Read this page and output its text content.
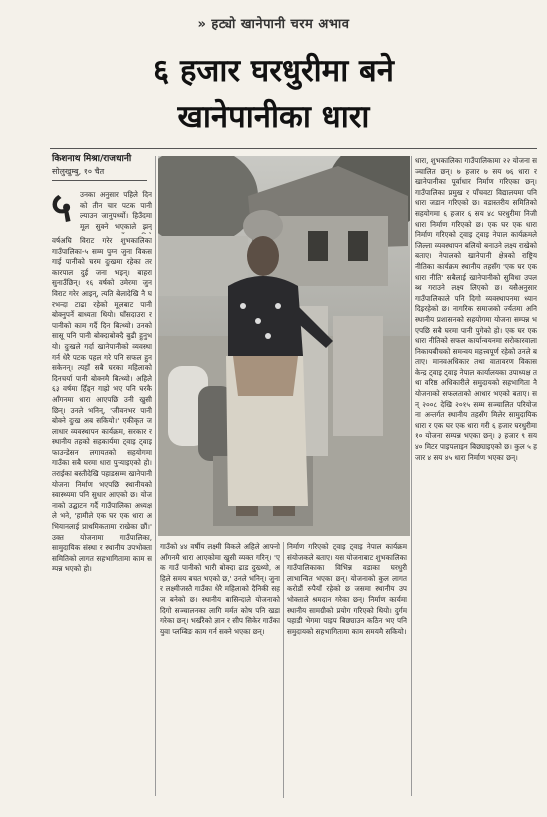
» हट्यो खानेपानी चरम अभाव
६ हजार घरधुरीमा बने
खानेपानीका धारा
किशनाथ मिश्रा/राजधानी
सोलुखुम्बु, १० चैत
५ उनका अनुसार पहिले दिनको तीन चार पटक पानी ल्याउन जानुपर्थ्यो। हिउँदमा मूल सुक्ने भएकाले झन्
वर्षअघि विराट गरेर शुभकालिका गाउँपालिका-५ सम्म पुग्न जुना विकसगाई पानीको चरम दुःखमा रहेका तरकारपाल दुई जना भइन्। बाहरा सुनाउँछिन्। १६ वर्षको उमेरमा जुन विराट गरेर आइन्, त्यति बेलादेखि नै घरभन्दा टाढा रहेको मूलबाट पानी बोक्नुपर्ने बाध्यता थियो। घाँसदाउरा र पानीको काम गर्दै दिन बित्थ्यो। उनको सासू पनि पानी बोक्दाबोक्दै बुढी हुनुभयो। दुःखले गर्दा खानेपानीको व्यवस्था गर्न धेरै पटक पहल गरे पनि सफल हुन सकेनन्। त्यहाँ सबै घरका महिलाको दिनचर्या पानी बोक्नमै बित्थ्यो। अहिले ६३ वर्षमा हिँड्न गाह्रो भए पनि घरकै आँगनमा धारा आएपछि उनी खुसी छिन्। उनले भनिन्, 'जीवनभर पानी बोक्ने दुःख अब सकियो।' एकीकृत जलाधार व्यवस्थापन कार्यक्रम, सरकार र स्थानीय तहको सहकार्यमा ट्वाइ ट्वाइ फाउन्डेसन लगायतको सहयोगमा गाउँका सबै घरमा धारा पुर्‍याइएको हो। तराईका बस्तीदेखि पहाडसम्म खानेपानी योजना निर्माण भएपछि स्थानीयको स्वास्थ्यमा पनि सुधार आएको छ। योजनाको उद्घाटन गर्दै गाउँपालिका अध्यक्षले भने, 'हामीले एक घर एक धारा अभियानलाई प्राथमिकतामा राखेका छौं।' उक्त योजनामा गाउँपालिका, सामुदायिक संस्था र स्थानीय उपभोक्ता समितिको लागत सहभागितामा काम सम्पन्न भएको हो।
गाउँको ४४ वर्षीय लक्ष्मी विकले अहिले आफ्नो आँगनमै धारा आएकोमा खुसी व्यक्त गरिन्। 'एक गाउँ पानीको भारी बोक्दा ढाड दुख्थ्यो, अहिले समय बचत भएको छ,' उनले भनिन्। जुना र लक्ष्मीजस्तै गाउँका धेरै महिलाको दैनिकी सहज बनेको छ। स्थानीय बासिन्दाले योजनाको दिगो सञ्चालनका लागि मर्मत कोष पनि खडा गरेका छन्। भर्खरैको ज्ञान र सीप सिकेर गाउँका युवा प्लम्बिङ काम गर्न सक्ने भएका छन्।
निर्माण गरिएको ट्वाइ ट्वाइ नेपाल कार्यक्रम संयोजकले बताए। यस योजनाबाट शुभकालिका गाउँपालिकाका विभिन्न वडाका घरधुरी लाभान्वित भएका छन्। योजनाको कुल लागत करोडौं रुपैयाँ रहेको छ जसमा स्थानीय उपभोक्ताले श्रमदान गरेका छन्। निर्माण कार्यमा स्थानीय सामग्रीको प्रयोग गरिएको थियो। दुर्गम पहाडी भेगमा पाइप बिछ्याउन कठिन भए पनि समुदायको सहभागितामा काम समयमै सकियो।
धारा, शुभकालिका गाउँपालिकामा २२ योजना सञ्चालित छन्। ७ हजार ७ सय ७६ धारा र खानेपानीका पूर्वाधार निर्माण गरिएका छन्। गाउँपालिका प्रमुख र पाँचवटा विद्यालयमा पनि धारा जडान गरिएको छ। वडास्तरीय समितिको सहयोगमा ६ हजार ६ सय ४८ घरधुरीमा निजी धारा निर्माण गरिएको छ। एक घर एक धारा निर्माण गरिएको ट्वाइ ट्वाइ नेपाल कार्यक्रमले जिल्ला व्यवस्थापन बलियो बनाउने लक्ष्य राखेको बताए। नेपालको खानेपानी क्षेत्रको राष्ट्रिय नीतिका कार्यक्रम स्थानीय तहसँग 'एक घर एक धारा नीति' सबैलाई खानेपानीको सुविधा उपलब्ध गराउने लक्ष्य लिएको छ। यसैअनुसार गाउँपालिकाले पनि दिगो व्यवस्थापनमा ध्यान दिइरहेको छ। नागरिक समाजको र्ज्यतमा अनि स्थानीय प्रशासनको सहयोगमा योजना सम्पन्न भएपछि सबै घरमा पानी पुगेको हो। एक घर एक धारा नीतिको सफल कार्यान्वयनमा सरोकारवाला निकायबीचको समन्वय महत्त्वपूर्ण रहेको उनले बताए। मानवअधिकार तथा वातावरण विकास केन्द्र ट्वाइ ट्वाइ नेपाल कार्यालयका उपाध्यक्ष तथा वरिष्ठ अधिकारीले समुदायको सहभागिता नै योजनाको सफलताको आधार भएको बताए। सन् २००८ देखि २०१५ सम्म सञ्चालित परियोजना अन्तर्गत स्थानीय तहसँग मिलेर सामुदायिक धारा र एक घर एक धारा गरी ६ हजार घरधुरीमा १० योजना सम्पन्न भएका छन्। ३ हजार ९ सय ४० मिटर पाइपलाइन बिछ्याइएको छ। कुल ५ हजार ४ सय ४५ धारा निर्माण भएका छन्।
